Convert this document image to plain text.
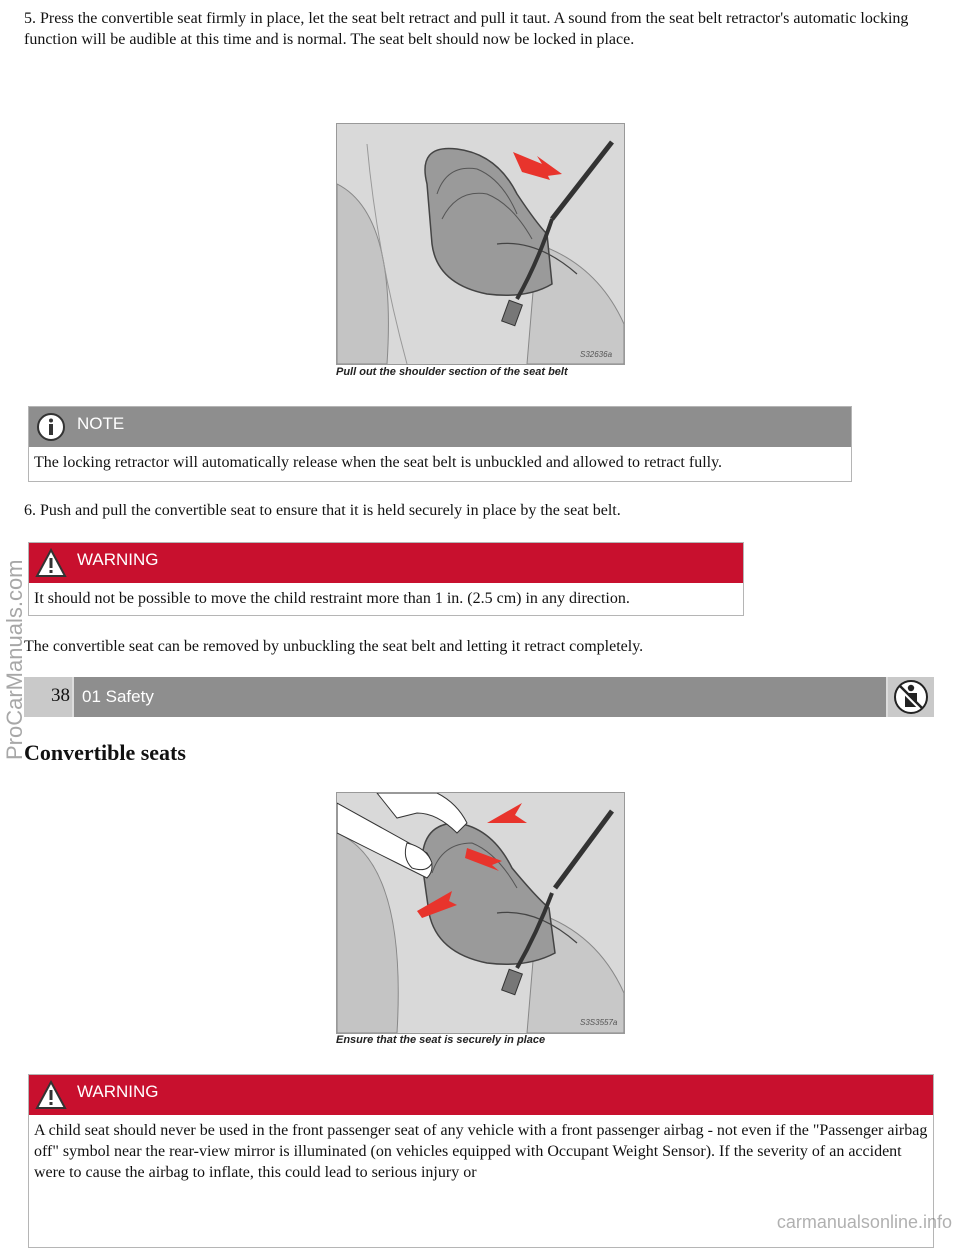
5. Press the convertible seat firmly in place, let the seat belt retract and pull it taut. A sound from the seat belt retractor's automatic locking function will be audible at this time and is normal. The seat belt should now be locked in place.

S32636a
Pull out the shoulder section of the seat belt
NOTE
The locking retractor will automatically release when the seat belt is unbuckled and allowed to retract fully.

6. Push and pull the convertible seat to ensure that it is held securely in place by the seat belt.

WARNING
It should not be possible to move the child restraint more than 1 in. (2.5 cm) in any direction.

The convertible seat can be removed by unbuckling the seat belt and letting it retract completely.

38 01 Safety
Convertible seats
S3S3557a
Ensure that the seat is securely in place
WARNING
A child seat should never be used in the front passenger seat of any vehicle with a front passenger airbag - not even if the "Passenger airbag off" symbol near the rear-view mirror is illuminated (on vehicles equipped with Occupant Weight Sensor). If the severity of an accident were to cause the airbag to inflate, this could lead to serious injury or
ProCarManuals.com
carmanualsonline.info
